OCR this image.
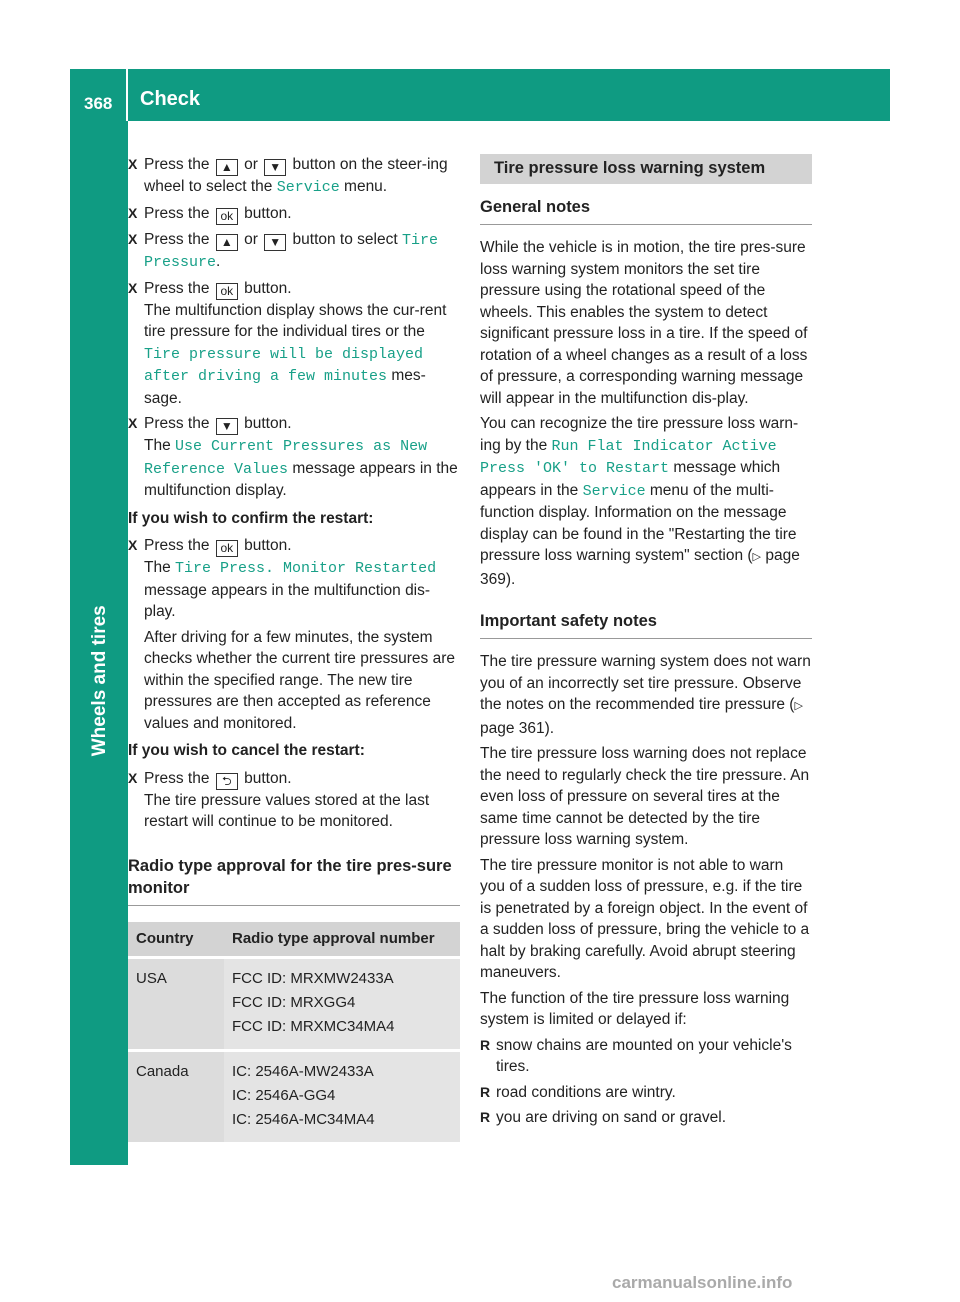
368 Check
Wheels and tires
X Press the ▲ or ▼ button on the steer-ing wheel to select the Service menu.
X Press the ok button.
X Press the ▲ or ▼ button to select Tire Pressure.
X Press the ok button.
The multifunction display shows the cur-rent tire pressure for the individual tires or the Tire pressure will be displayed after driving a few minutes mes-sage.
X Press the ▼ button.
The Use Current Pressures as New Reference Values message appears in the multifunction display.
If you wish to confirm the restart:
X Press the ok button.
The Tire Press. Monitor Restarted message appears in the multifunction dis-play.

After driving for a few minutes, the system checks whether the current tire pressures are within the specified range. The new tire pressures are then accepted as reference values and monitored.

If you wish to cancel the restart:
X Press the ⮌ button.
The tire pressure values stored at the last restart will continue to be monitored.
Radio type approval for the tire pres-sure monitor
Country	Radio type approval number
USA	FCC ID: MRXMW2433A
FCC ID: MRXGG4
FCC ID: MRXMC34MA4

Canada	IC: 2546A-MW2433A
IC: 2546A-GG4
IC: 2546A-MC34MA4
Tire pressure loss warning system
General notes

While the vehicle is in motion, the tire pres-sure loss warning system monitors the set tire pressure using the rotational speed of the wheels. This enables the system to detect significant pressure loss in a tire. If the speed of rotation of a wheel changes as a result of a loss of pressure, a corresponding warning message will appear in the multifunction dis-play.

You can recognize the tire pressure loss warn-ing by the Run Flat Indicator Active Press 'OK' to Restart message which appears in the Service menu of the multi-function display. Information on the message display can be found in the "Restarting the tire pressure loss warning system" section (▷ page 369).

Important safety notes

The tire pressure warning system does not warn you of an incorrectly set tire pressure. Observe the notes on the recommended tire pressure (▷ page 361).

The tire pressure loss warning does not replace the need to regularly check the tire pressure. An even loss of pressure on several tires at the same time cannot be detected by the tire pressure loss warning system.

The tire pressure monitor is not able to warn you of a sudden loss of pressure, e.g. if the tire is penetrated by a foreign object. In the event of a sudden loss of pressure, bring the vehicle to a halt by braking carefully. Avoid abrupt steering maneuvers.

The function of the tire pressure loss warning system is limited or delayed if:

R snow chains are mounted on your vehicle's tires.
R road conditions are wintry.
R you are driving on sand or gravel.
carmanualsonline.info
